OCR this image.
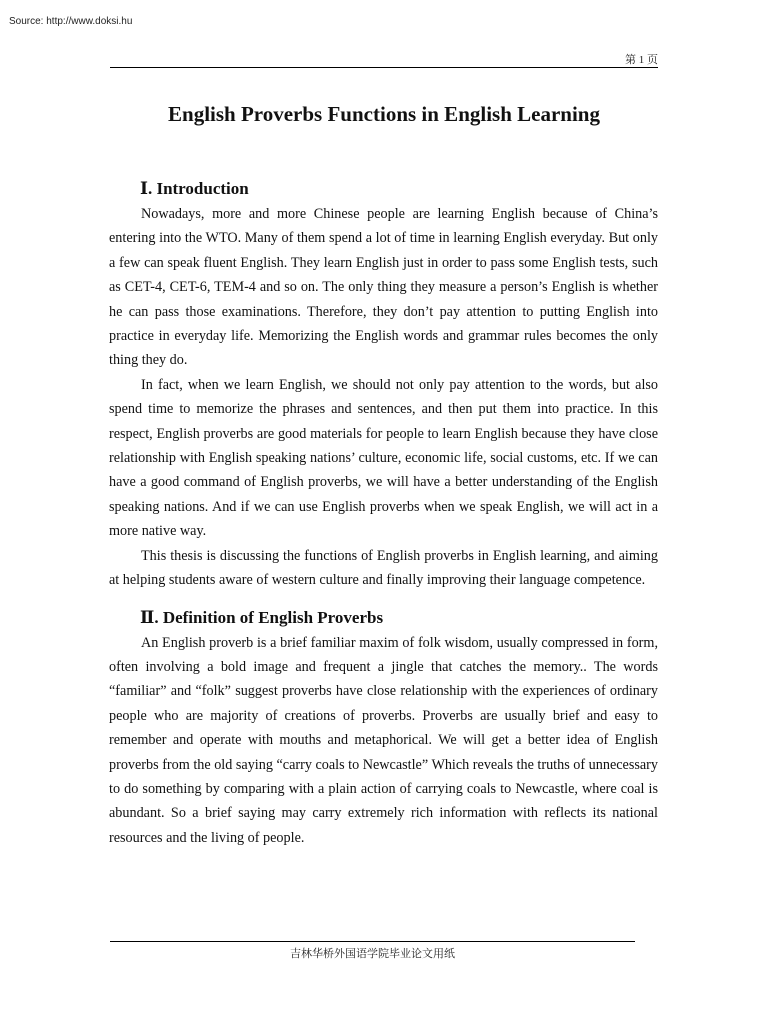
Source: http://www.doksi.hu
第 1 页
English Proverbs Functions in English Learning
Ⅰ. Introduction

Nowadays, more and more Chinese people are learning English because of China’s entering into the WTO. Many of them spend a lot of time in learning English everyday. But only a few can speak fluent English. They learn English just in order to pass some English tests, such as CET-4, CET-6, TEM-4 and so on. The only thing they measure a person’s English is whether he can pass those examinations. Therefore, they don’t pay attention to putting English into practice in everyday life. Memorizing the English words and grammar rules becomes the only thing they do.

In fact, when we learn English, we should not only pay attention to the words, but also spend time to memorize the phrases and sentences, and then put them into practice. In this respect, English proverbs are good materials for people to learn English because they have close relationship with English speaking nations’ culture, economic life, social customs, etc. If we can have a good command of English proverbs, we will have a better understanding of the English speaking nations. And if we can use English proverbs when we speak English, we will act in a more native way.

This thesis is discussing the functions of English proverbs in English learning, and aiming at helping students aware of western culture and finally improving their language competence.

Ⅱ. Definition of English Proverbs

An English proverb is a brief familiar maxim of folk wisdom, usually compressed in form, often involving a bold image and frequent a jingle that catches the memory.. The words “familiar” and “folk” suggest proverbs have close relationship with the experiences of ordinary people who are majority of creations of proverbs. Proverbs are usually brief and easy to remember and operate with mouths and metaphorical. We will get a better idea of English proverbs from the old saying “carry coals to Newcastle” Which reveals the truths of unnecessary to do something by comparing with a plain action of carrying coals to Newcastle, where coal is abundant. So a brief saying may carry extremely rich information with reflects its national resources and the living of people.

吉林华桥外国语学院毕业论文用纸
